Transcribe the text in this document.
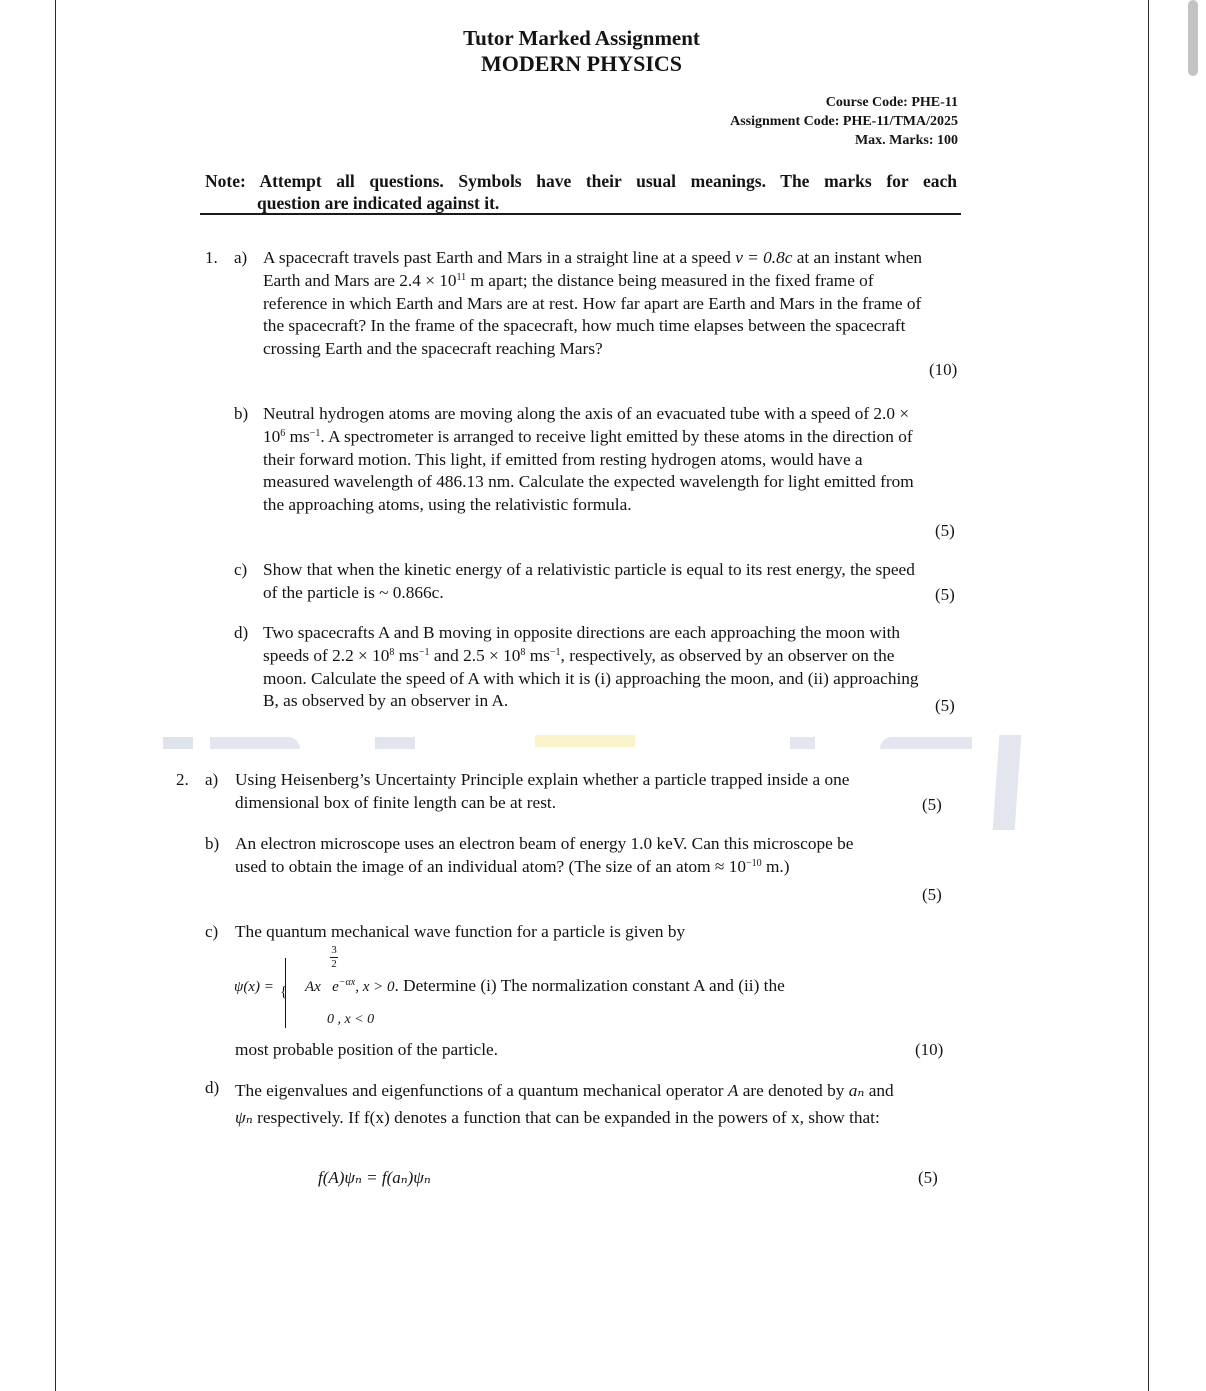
Tutor Marked Assignment
MODERN PHYSICS
Course Code: PHE-11
Assignment Code: PHE-11/TMA/2025
Max. Marks: 100
Note: Attempt all questions. Symbols have their usual meanings. The marks for each
question are indicated against it.
1. a) A spacecraft travels past Earth and Mars in a straight line at a speed v = 0.8c at an instant when Earth and Mars are $2.4 \times 10^{11}$ m apart; the distance being measured in the fixed frame of reference in which Earth and Mars are at rest. How far apart are Earth and Mars in the frame of the spacecraft? In the frame of the spacecraft, how much time elapses between the spacecraft crossing Earth and the spacecraft reaching Mars?
(10)
b) Neutral hydrogen atoms are moving along the axis of an evacuated tube with a speed of $2.0 \times 10^6$ $ms^{-1}$. A spectrometer is arranged to receive light emitted by these atoms in the direction of their forward motion. This light, if emitted from resting hydrogen atoms, would have a measured wavelength of 486.13 nm. Calculate the expected wavelength for light emitted from the approaching atoms, using the relativistic formula.
(5)
c) Show that when the kinetic energy of a relativistic particle is equal to its rest energy, the speed of the particle is ~ 0.866c.	(5)
d) Two spacecrafts A and B moving in opposite directions are each approaching the moon with speeds of $2.2 \times 10^8$ $ms^{-1}$ and $2.5 \times 10^8$ $ms^{-1}$, respectively, as observed by an observer on the moon. Calculate the speed of A with which it is (i) approaching the moon, and (ii) approaching B, as observed by an observer in A.	(5)
2. a) Using Heisenberg’s Uncertainty Principle explain whether a particle trapped inside a one dimensional box of finite length can be at rest.	(5)
b) An electron microscope uses an electron beam of energy 1.0 keV. Can this microscope be used to obtain the image of an individual atom? (The size of an atom ≈ $10^{-10}$ m.)
(5)
c) The quantum mechanical wave function for a particle is given by
ψ(x) = {
3
2
Ax $e^{-\alpha x}$, x > 0. Determine (i) The normalization constant A and (ii) the
0 , x < 0
most probable position of the particle.	(10)
d) The eigenvalues and eigenfunctions of a quantum mechanical operator A are denoted by aₙ and ψₙ respectively. If f(x) denotes a function that can be expanded in the powers of x, show that:
f(A)ψₙ = f(aₙ)ψₙ	(5)
